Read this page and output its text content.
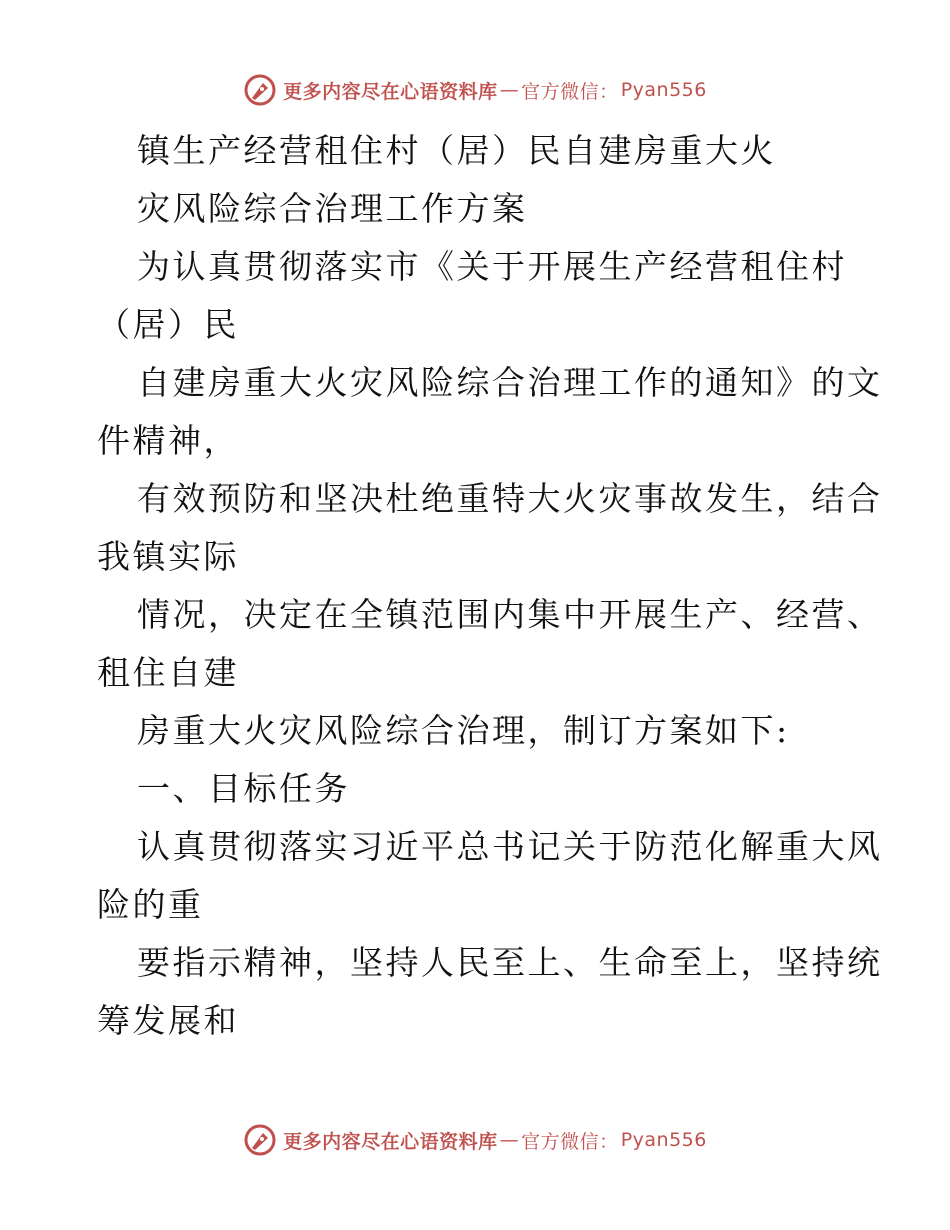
更多内容尽在心语资料库 — 官方微信： Pyan556
镇生产经营租住村（居）民自建房重大火
灾风险综合治理工作方案
为认真贯彻落实市《关于开展生产经营租住村
（居）民
自建房重大火灾风险综合治理工作的通知》的文
件精神，
有效预防和坚决杜绝重特大火灾事故发生，结合
我镇实际
情况，决定在全镇范围内集中开展生产、经营、
租住自建
房重大火灾风险综合治理，制订方案如下:
一、目标任务
认真贯彻落实习近平总书记关于防范化解重大风
险的重
要指示精神，坚持人民至上、生命至上，坚持统
筹发展和
更多内容尽在心语资料库 — 官方微信： Pyan556
